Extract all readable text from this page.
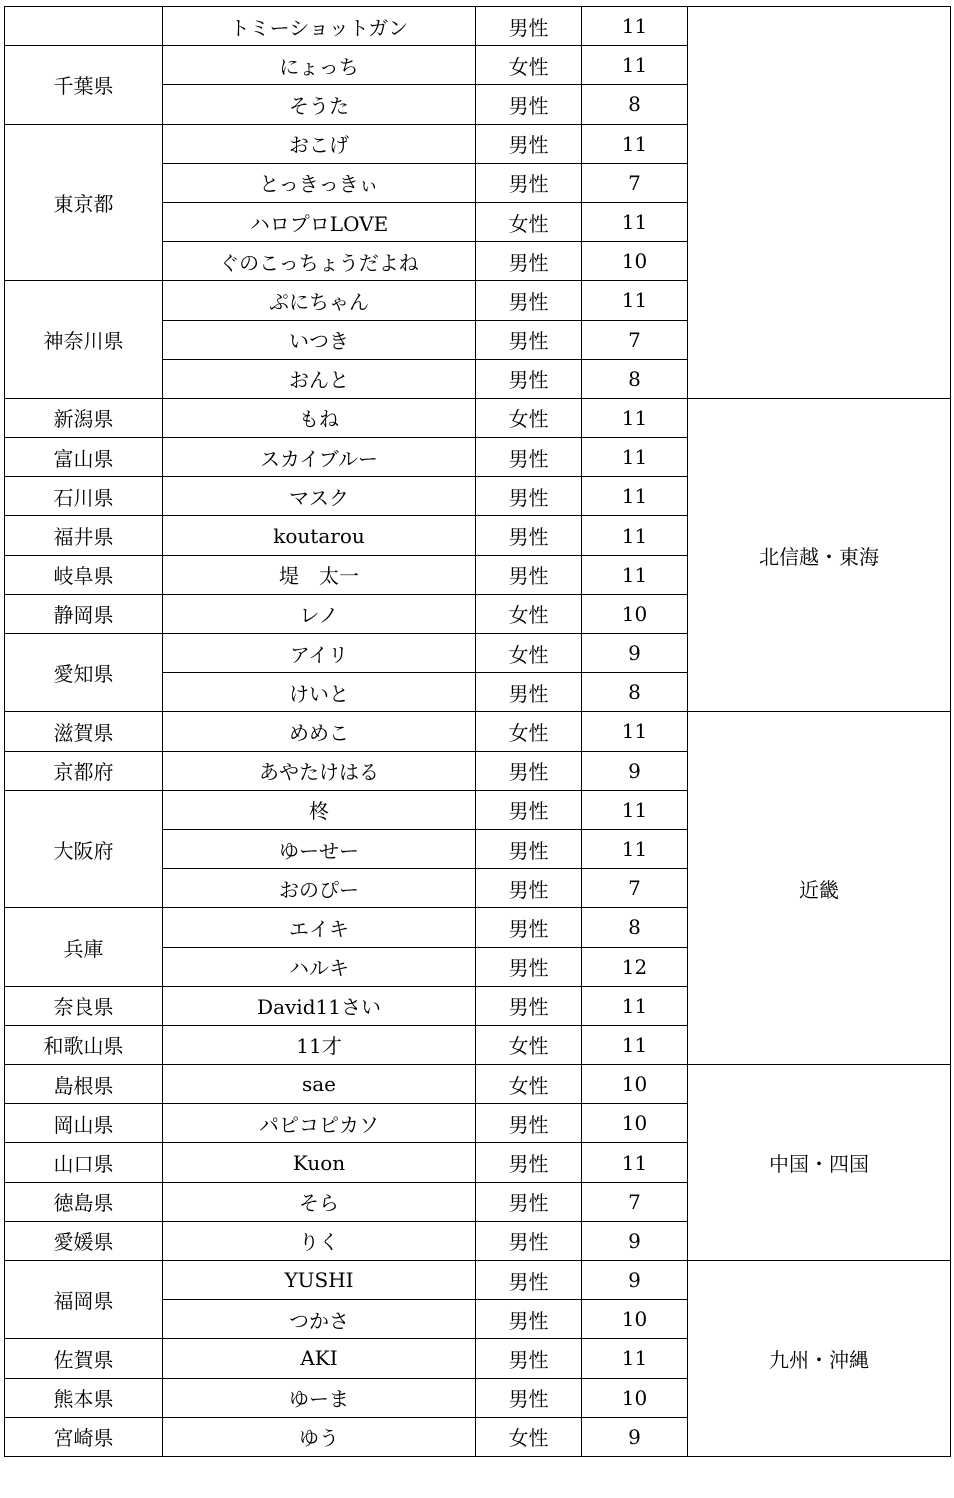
	トミーショットガン	男性	11	
千葉県	にょっち	女性	11	
	そうた	男性	8	
東京都	おこげ	男性	11	
	とっきっきぃ	男性	7	
	ハロプロLOVE	女性	11	
	ぐのこっちょうだよね	男性	10	
神奈川県	ぷにちゃん	男性	11	
	いつき	男性	7	
	おんと	男性	8	
新潟県	もね	女性	11	北信越・東海
富山県	スカイブルー	男性	11	
石川県	マスク	男性	11	
福井県	koutarou	男性	11	
岐阜県	堤　太一	男性	11	
静岡県	レノ	女性	10	
愛知県	アイリ	女性	9	
	けいと	男性	8	
滋賀県	めめこ	女性	11	近畿
京都府	あやたけはる	男性	9	
大阪府	柊	男性	11	
	ゆーせー	男性	11	
	おのぴー	男性	7	
兵庫	エイキ	男性	8	
	ハルキ	男性	12	
奈良県	David11さい	男性	11	
和歌山県	11才	女性	11	
島根県	sae	女性	10	中国・四国
岡山県	パピコピカソ	男性	10	
山口県	Kuon	男性	11	
徳島県	そら	男性	7	
愛媛県	りく	男性	9	
福岡県	YUSHI	男性	9	九州・沖縄
	つかさ	男性	10	
佐賀県	AKI	男性	11	
熊本県	ゆーま	男性	10	
宮崎県	ゆう	女性	9	
